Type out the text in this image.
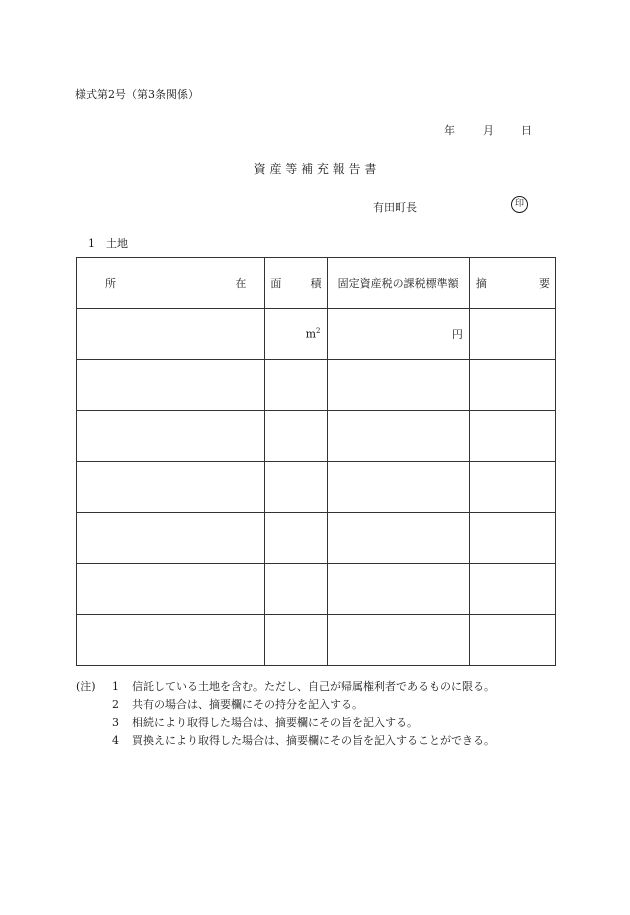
様式第2号（第3条関係）
年	月 日
資 産 等 補 充 報 告 書
有田町長	印
1　土地
所 在	面 積	固定資産税の課税標準額	摘 要

	$m^2$	円	

(注)	1	信託している土地を含む。ただし、自己が帰属権利者であるものに限る。
2	共有の場合は、摘要欄にその持分を記入する。
3	相続により取得した場合は、摘要欄にその旨を記入する。
4	買換えにより取得した場合は、摘要欄にその旨を記入することができる。
